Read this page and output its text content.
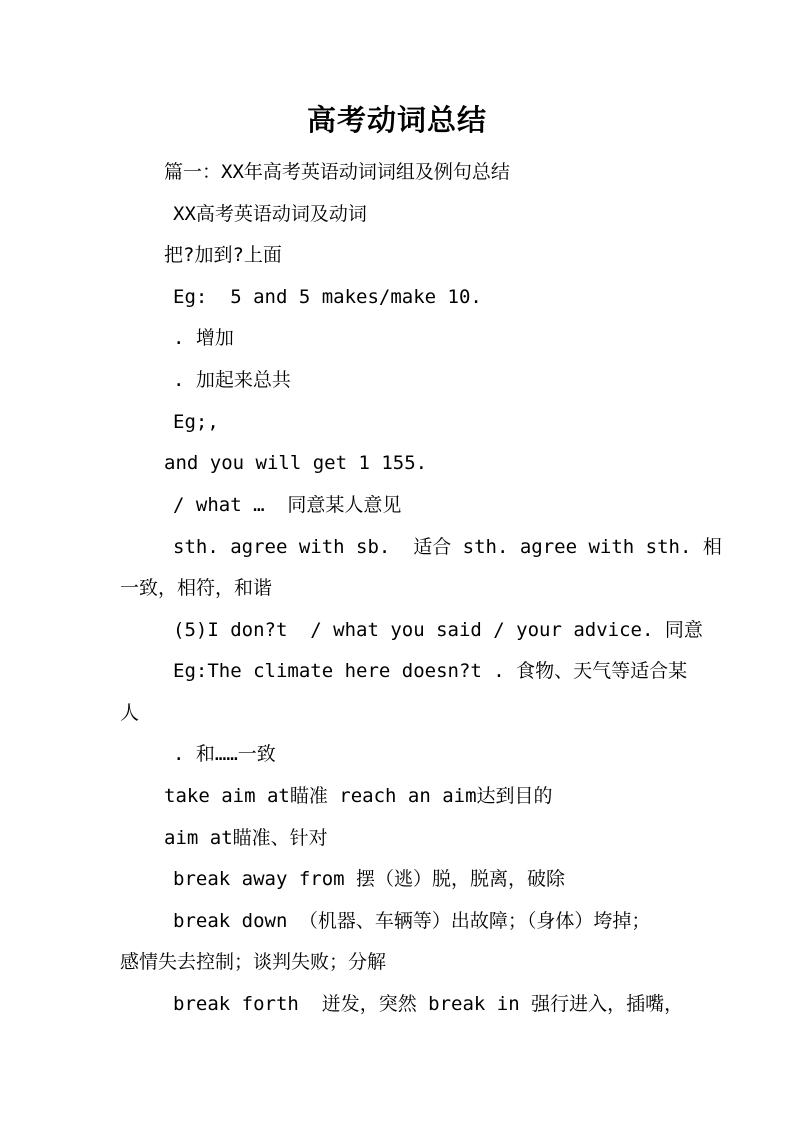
高考动词总结
篇一：XX年高考英语动词词组及例句总结
XX高考英语动词及动词
把?加到?上面
Eg:  5 and 5 makes/make 10.
. 增加
. 加起来总共
Eg;,
and you will get 1 155.
/ what …  同意某人意见
sth. agree with sb.  适合 sth. agree with sth. 相
一致，相符，和谐
(5)I don?t  / what you said / your advice. 同意
Eg:The climate here doesn?t . 食物、天气等适合某
人
. 和……一致
take aim at瞄准 reach an aim达到目的
aim at瞄准、针对
break away from 摆（逃）脱，脱离，破除
break down （机器、车辆等）出故障；（身体）垮掉；
感情失去控制；谈判失败；分解
break forth  迸发，突然 break in 强行进入，插嘴，
